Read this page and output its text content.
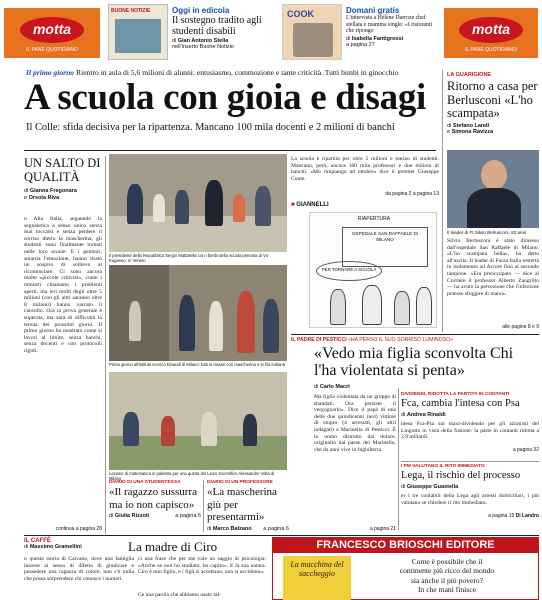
motta
IL PANE QUOTIDIANO
BUONE NOTIZIE	Oggi in edicola
Il sostegno tradito agli studenti disabili
di Gian Antonio Stella
nell'inserto Buone Notizie
COOK	Domani gratis
L'intervista a Hélène Darroze chef stellata e mamma single: «I ristoranti che ripongo
di Isabella Fantigrossi
a pagina 27
motta
IL PANE QUOTIDIANO
Il primo giorno Rientro in aula di 5,6 milioni di alunni: entusiasmo, commozione e tante criticità. Tutti bimbi in ginocchio
A scuola con gioia e disagi
Il Colle: sfida decisiva per la ripartenza. Mancano 100 mila docenti e 2 milioni di banchi
LA GUARIGIONE
Ritorno a casa per Berlusconi «L'ho scampata»
di Stefano Landi
e Simona Ravizza
Il leader di FI Silvio Berlusconi, 83 anni
Silvio Berlusconi è stato dimesso dall'ospedale San Raffaele di Milano. «L'ho scampata bella», ha detto all'uscita. Il leader di Forza Italia restertà in isolamento ad Arcore fino al secondo tampone. «Era preoccupato — dice al Corriere il professor Alberto Zangrillo — ha avuto la percezione che l'infezione potesse sfuggire di mano».
alle pagine 8 e 9
UN SALTO DI QUALITÀ
di Gianna Fregonara
e Orsola Riva
n Alta Italia, seguendo la segnaletica a senso unico senza mai toccarsi e senza perdere il sorriso dietro la mascherina, gli studenti sono finalmente tornati nelle loro scuole. E i genitori, smartia l'emozione, hanno tirato un sospiro di sollievo al ricominciare. Ci sono ancora molte «piccole criticità», come i ministri chiamano i problemi aperti, ma ieri molti degli oltre 5 milioni (con gli altri saranno oltre 8 milioni) hanno varcato il cancello. Ora la prova generale è superata, ma sarà di difficoltà la tenuta dei prossimi giorni. Il primo giorno ha mostrato come si lavori al limite, senza banchi, senza docenti e con protocolli rigidi.
continua a pagina 28
Il presidente della Repubblica Sergio Mattarella con i bimbi della scuola primaria di Vo' Euganeo, in Veneto
Primo giorno all'Istituto tecnico Einaudi di Milano: tutti in classe con mascherina e in fila indiana
Lezione di matematica in palestra per una quinta del Liceo Scientifico Alessandro Volta di Milano
La scuola è ripartita per oltre 5 milioni e mezzo di studenti. Mancano, però, ancora 100 mila professori e due milioni di banchi. «Mo rimpiango ad ottobre» dice il premier Giuseppe Conte.
da pagina 2 a pagina 13
■ GIANNELLI
RIAPERTURA
OSPEDALE SAN RAFFAELE DI MILANO
PER TORNARE A SCUOLA
IL PADRE DI PESTICCI «HA PERSO IL SUO SORRISO LUMINOSO»
«Vedo mia figlia sconvolta Chi l'ha violentata si penta»
di Carlo Macrì
Ma figlia violentata da un gruppo di sbandati. Ora persiste il vergognarlo». Dice il papà di una delle due quindicenni (ieri) vittime di stupro (4 arrestati, gli altri indagati) a Marinella di Pesticci. È in uomo distrutto dal dolore, originario dal paese del Marinello, che da anni vive in Inghilterra.
a pagina 21
DIVIDENDI, RIDOTTA LA PARTITA IN CONTANTI
Fca, cambia l'intesa con Psa
di Andrea Rinaldi
ntesa Fca-Psa sui maxi-dividendo per gli azionisti del Lingotto in vista della fusione: la parte in contanti ridotta a 2,9 miliardi.
a pagina 32
I PM VALUTANO IL RITO IMMEDIATO
Lega, il rischio del processo
di Giuseppe Guastella
er i tre contabili della Lega agli arresti domiciliari, i pm valutano se chiedere il rito immediato.
a pagina 15 Di Landro
DIARIO DI UNA STUDENTESSA
«Il ragazzo sussurra ma io non capisco»
di Giulia Rizzoli	a pagina 6
DIARIO DI UN PROFESSORE
«La mascherina giù per presentarmi»
di Marco Balzano a pagina 6
IL CAFFÈ
di Massimo Gramellini	La madre di Ciro
n questa storia di Caivano, dove una famiglia insorse ai senso di difetto di giudicare e possedere una ragazza di colore, non c'è nulla che possa sorprendere chi conosce i numeri.
ci una frase che per me vale un saggio di psicologia: «Anche se non ho studiato, ho capito». E la sua natura. Ciro è mio figlio, e i figli si accettano, non si uccidono».
Ce una parola che abbiamo usato tal-
FRANCESCO BRIOSCHI EDITORE
La macchina del saccheggio
Come è possibile che il
continente più ricco del mondo
sia anche il più povero?
In che mani finisce
